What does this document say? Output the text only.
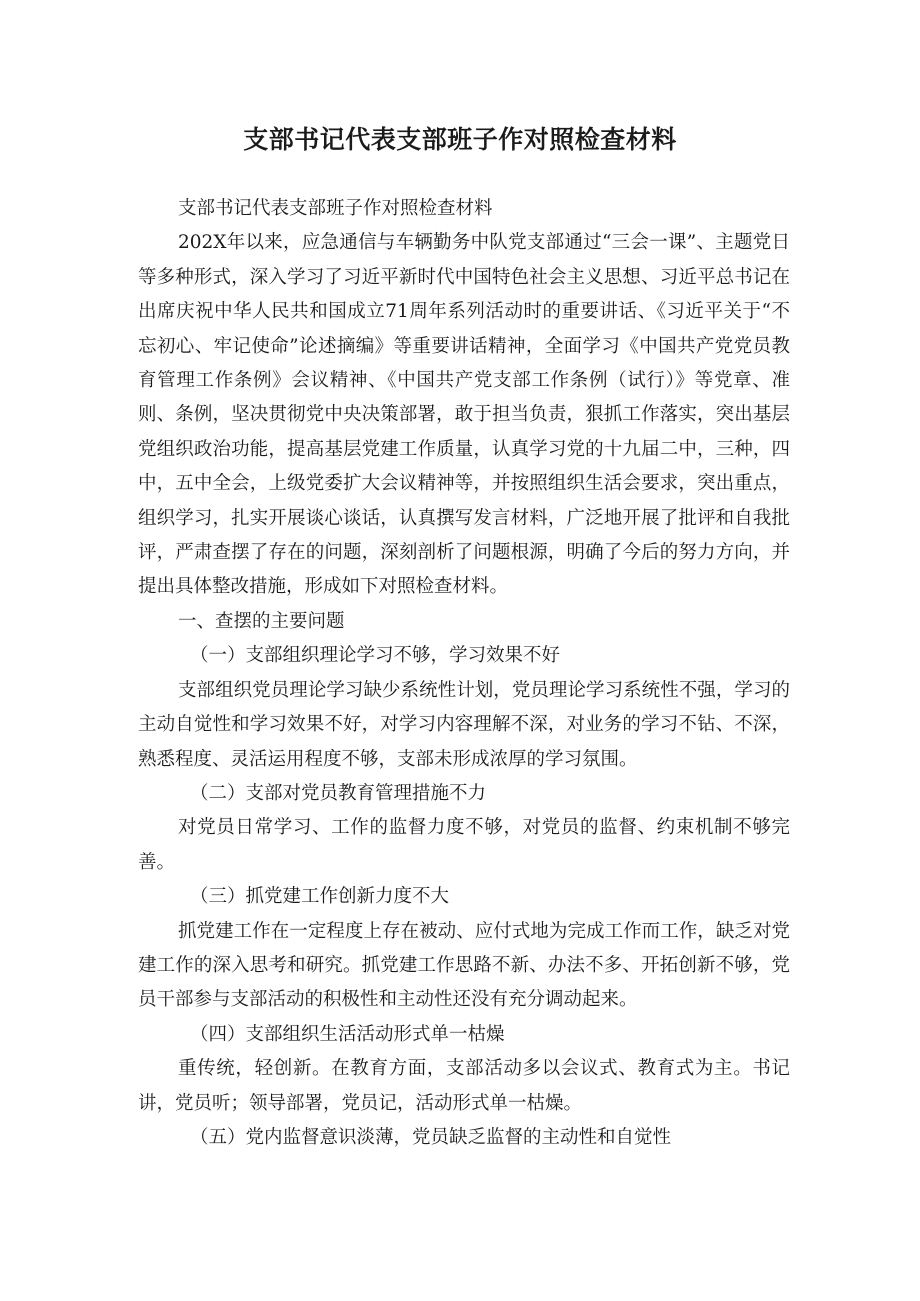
支部书记代表支部班子作对照检查材料

支部书记代表支部班子作对照检查材料

202X年以来，应急通信与车辆勤务中队党支部通过“三会一课”、主题党日等多种形式，深入学习了习近平新时代中国特色社会主义思想、习近平总书记在出席庆祝中华人民共和国成立71周年系列活动时的重要讲话、《习近平关于“不忘初心、牢记使命”论述摘编》等重要讲话精神，全面学习《中国共产党党员教育管理工作条例》会议精神、《中国共产党支部工作条例（试行）》等党章、准则、条例，坚决贯彻党中央决策部署，敢于担当负责，狠抓工作落实，突出基层党组织政治功能，提高基层党建工作质量，认真学习党的十九届二中，三种，四中，五中全会，上级党委扩大会议精神等，并按照组织生活会要求，突出重点，组织学习，扎实开展谈心谈话，认真撰写发言材料，广泛地开展了批评和自我批评，严肃查摆了存在的问题，深刻剖析了问题根源，明确了今后的努力方向，并提出具体整改措施，形成如下对照检查材料。

一、查摆的主要问题

（一）支部组织理论学习不够，学习效果不好

支部组织党员理论学习缺少系统性计划，党员理论学习系统性不强，学习的主动自觉性和学习效果不好，对学习内容理解不深，对业务的学习不钻、不深，熟悉程度、灵活运用程度不够，支部未形成浓厚的学习氛围。

（二）支部对党员教育管理措施不力

对党员日常学习、工作的监督力度不够，对党员的监督、约束机制不够完善。

（三）抓党建工作创新力度不大

抓党建工作在一定程度上存在被动、应付式地为完成工作而工作，缺乏对党建工作的深入思考和研究。抓党建工作思路不新、办法不多、开拓创新不够，党员干部参与支部活动的积极性和主动性还没有充分调动起来。

（四）支部组织生活活动形式单一枯燥

重传统，轻创新。在教育方面，支部活动多以会议式、教育式为主。书记讲，党员听；领导部署，党员记，活动形式单一枯燥。

（五）党内监督意识淡薄，党员缺乏监督的主动性和自觉性
